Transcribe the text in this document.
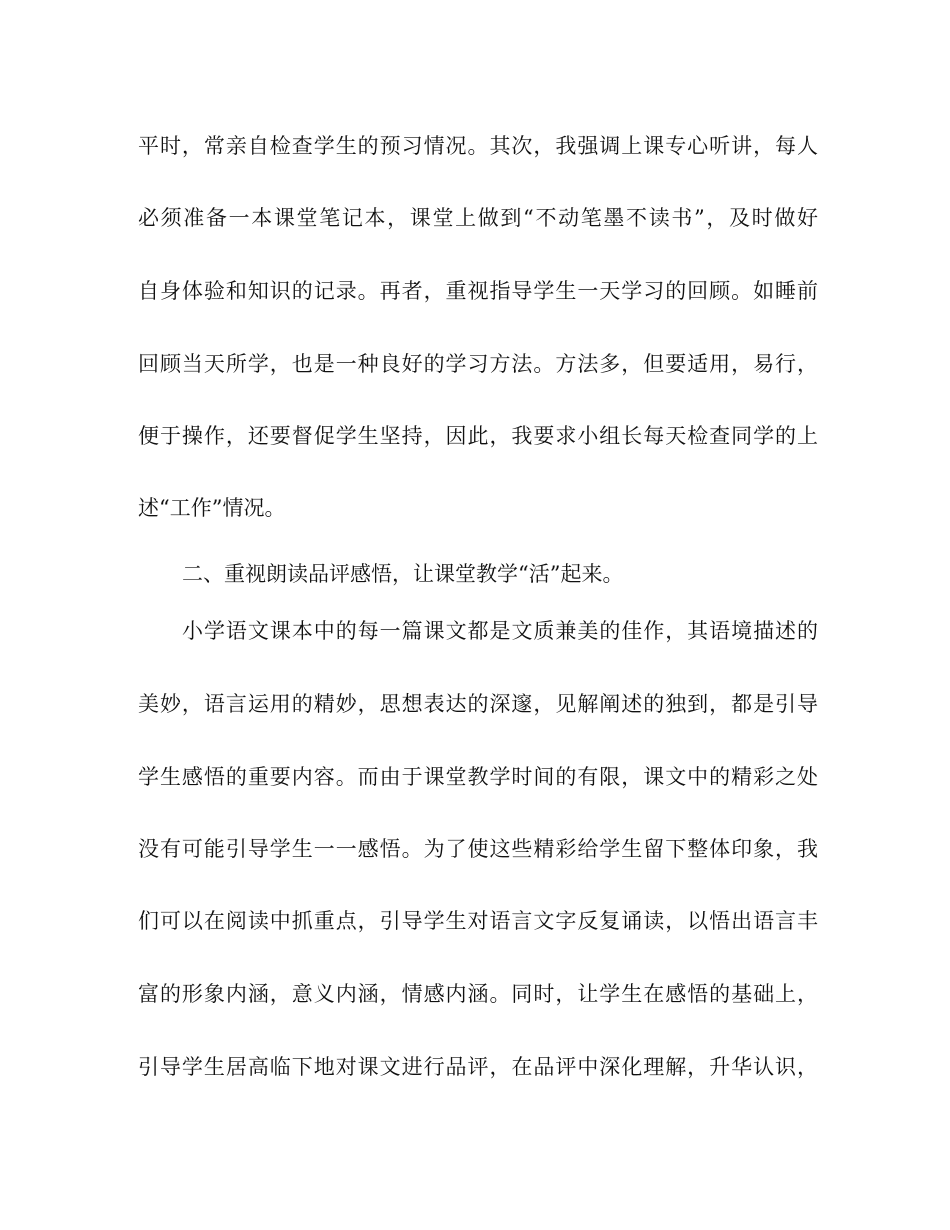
平时，常亲自检查学生的预习情况。其次，我强调上课专心听讲，每人
必须准备一本课堂笔记本，课堂上做到“不动笔墨不读书”，及时做好
自身体验和知识的记录。再者，重视指导学生一天学习的回顾。如睡前
回顾当天所学，也是一种良好的学习方法。方法多，但要适用，易行，
便于操作，还要督促学生坚持，因此，我要求小组长每天检查同学的上
述“工作”情况。
二、重视朗读品评感悟，让课堂教学“活”起来。
小学语文课本中的每一篇课文都是文质兼美的佳作，其语境描述的
美妙，语言运用的精妙，思想表达的深邃，见解阐述的独到，都是引导
学生感悟的重要内容。而由于课堂教学时间的有限，课文中的精彩之处
没有可能引导学生一一感悟。为了使这些精彩给学生留下整体印象，我
们可以在阅读中抓重点，引导学生对语言文字反复诵读，以悟出语言丰
富的形象内涵，意义内涵，情感内涵。同时，让学生在感悟的基础上，
引导学生居高临下地对课文进行品评，在品评中深化理解，升华认识，
